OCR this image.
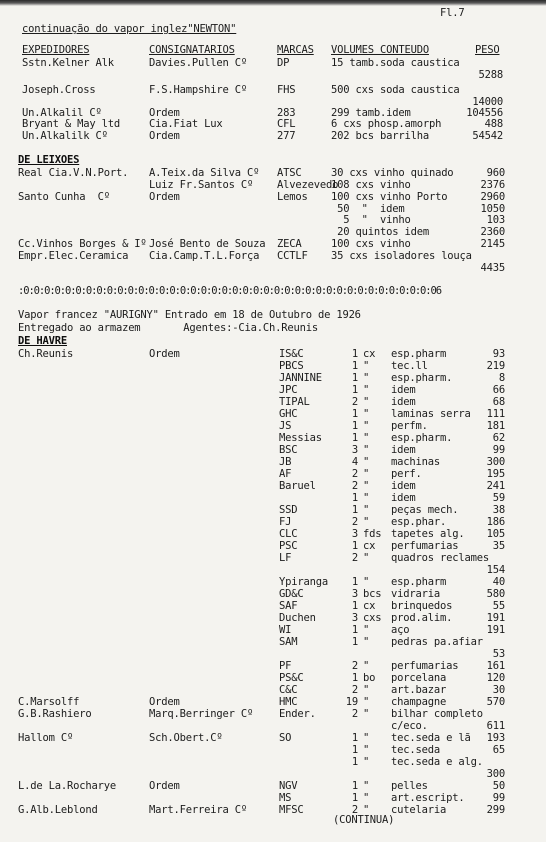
Fl.7
continuação do vapor inglez"NEWTON"
EXPEDIDORES	CONSIGNATARIOS	MARCAS VOLUMES CONTEUDO	PESO
Sstn.Kelner Alk	Davies.Pullen Cº	DP	15 tamb.soda caustica
5288
Joseph.Cross	F.S.Hampshire Cº	FHS	500 cxs soda caustica
14000
Un.Alkalil Cº	Ordem	283	299 tamb.idem	104556
Bryant & May ltd	Cia.Fiat Lux	CFL	6 cxs phosp.amorph	488
Un.Alkalilk Cº	Ordem	277	202 bcs barrilha	54542
DE LEIXOES
Real Cia.V.N.Port. A.Teix.da Silva Cº ATSC	30 cxs vinho quinado	960
Luiz Fr.Santos Cº Alvezevedo
108 cxs vinho	2376
Santo Cunha  Cº	Ordem	Lemos 100 cxs vinho Porto	2960
50  "  idem	1050
5  "  vinho	103
20 quintos idem	2360
Cc.Vinhos Borges & Iº José Bento de Souza ZECA	100 cxs vinho	2145
Empr.Elec.Ceramica Cia.Camp.T.L.Força CCTLF 35 cxs isoladores louça
4435
:0:0:0:0:0:0:0:0:0:0:0:0:0:0:0:0:0:0:0:0:0:0:0:0:0:0:0:0:0:0:0:0:0:0:0:0:0:0:0:06
Vapor francez "AURIGNY" Entrado em 18 de Outubro de 1926
Entregado ao armazem       Agentes:-Cia.Ch.Reunis
DE HAVRE
Ch.Reunis	Ordem	IS&C	1 cx esp.pharm	93
PBCS	1 " tec.ll	219
JANNINE	1 " esp.pharm.	8
JPC	1 " idem	66
TIPAL	2 " idem	68
GHC	1 " laminas serra 111
JS	1 " perfm.	181
Messias	1 " esp.pharm.	62
BSC	3 " idem	99
JB	4 " machinas	300
AF	2 " perf.	195
Baruel	2 " idem	241
1 " idem	59
SSD	1 " peças mech.	38
FJ	2 " esp.phar.	186
CLC	3 fds tapetes alg. 105
PSC	1 cx perfumarias	35
LF	2 " quadros reclames
154
Ypiranga 1 " esp.pharm	40
GD&C	3 bcs vidraria	580
SAF	1 cx brinquedos	55
Duchen	3 cxs prod.alim.	191
WI	1 " aço	191
SAM	1 " pedras pa.afiar
53
PF	2 " perfumarias	161
PS&C	1 bo porcelana	120
C&C	2 " art.bazar	30
C.Marsolff	Ordem	HMC	19 " champagne	570
G.B.Rashiero	Marq.Berringer Cº Ender.	2 " bilhar completo
c/eco.	611
Hallom Cº	Sch.Obert.Cº	SO	1 " tec.seda e lã 193
1 " tec.seda	65
1 " tec.seda e alg.
300
L.de La.Rocharye	Ordem	NGV	1 " pelles	50
MS	1 " art.escript.	99
G.Alb.Leblond	Mart.Ferreira Cº	MFSC	2 " cutelaria	299
(CONTINUA)
